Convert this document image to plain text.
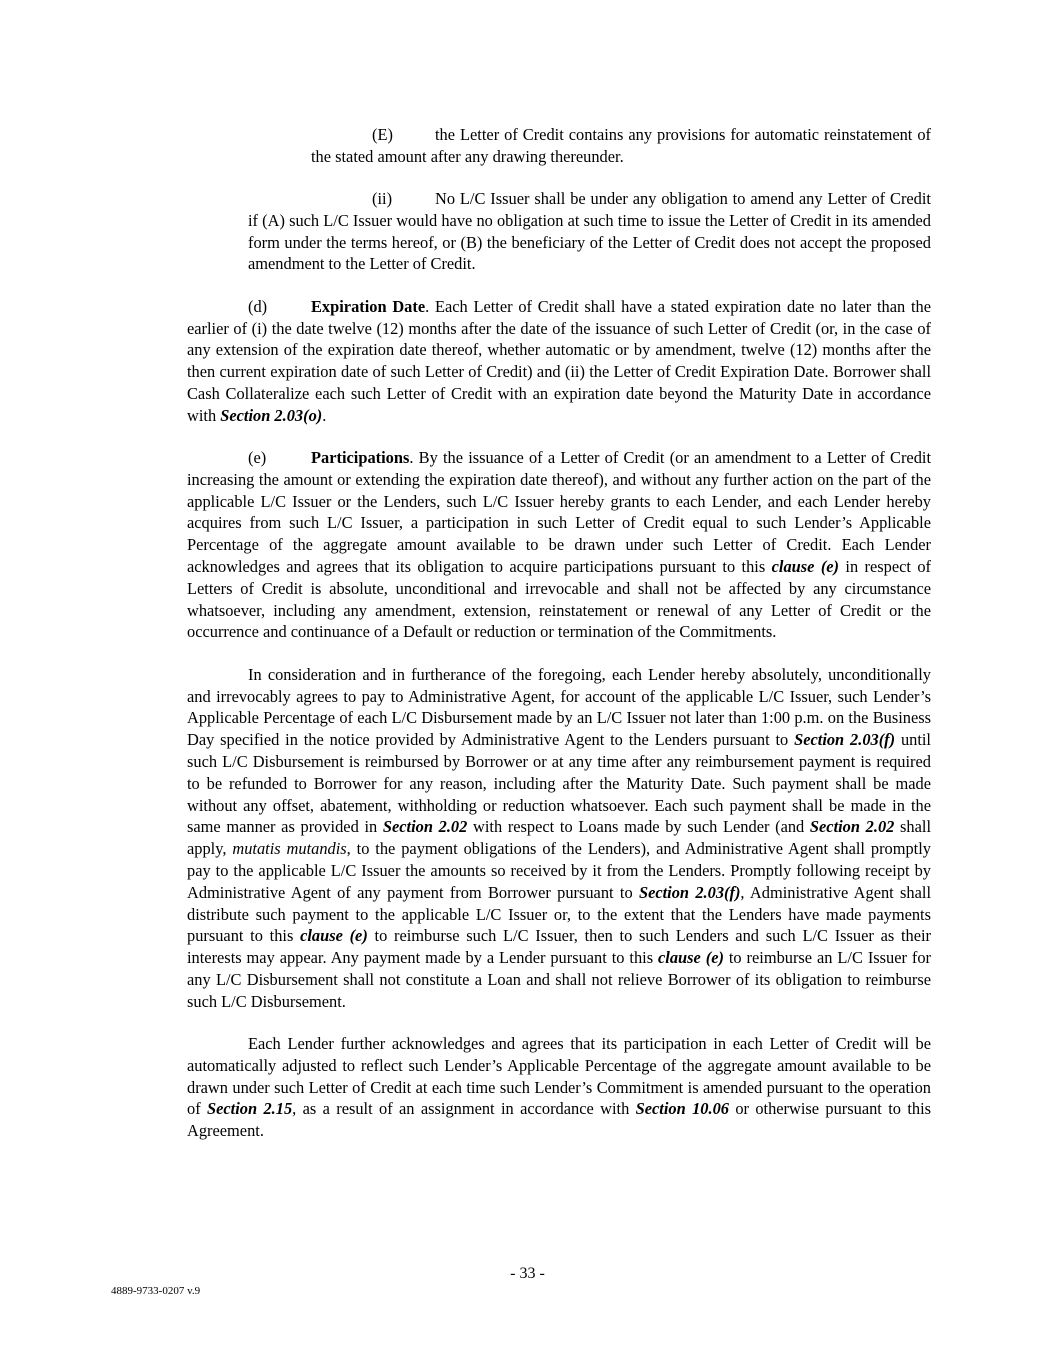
(E)	the Letter of Credit contains any provisions for automatic reinstatement of the stated amount after any drawing thereunder.

(ii)	No L/C Issuer shall be under any obligation to amend any Letter of Credit if (A) such L/C Issuer would have no obligation at such time to issue the Letter of Credit in its amended form under the terms hereof, or (B) the beneficiary of the Letter of Credit does not accept the proposed amendment to the Letter of Credit.

(d)	Expiration Date. Each Letter of Credit shall have a stated expiration date no later than the earlier of (i) the date twelve (12) months after the date of the issuance of such Letter of Credit (or, in the case of any extension of the expiration date thereof, whether automatic or by amendment, twelve (12) months after the then current expiration date of such Letter of Credit) and (ii) the Letter of Credit Expiration Date. Borrower shall Cash Collateralize each such Letter of Credit with an expiration date beyond the Maturity Date in accordance with Section 2.03(o).

(e)	Participations. By the issuance of a Letter of Credit (or an amendment to a Letter of Credit increasing the amount or extending the expiration date thereof), and without any further action on the part of the applicable L/C Issuer or the Lenders, such L/C Issuer hereby grants to each Lender, and each Lender hereby acquires from such L/C Issuer, a participation in such Letter of Credit equal to such Lender’s Applicable Percentage of the aggregate amount available to be drawn under such Letter of Credit. Each Lender acknowledges and agrees that its obligation to acquire participations pursuant to this clause (e) in respect of Letters of Credit is absolute, unconditional and irrevocable and shall not be affected by any circumstance whatsoever, including any amendment, extension, reinstatement or renewal of any Letter of Credit or the occurrence and continuance of a Default or reduction or termination of the Commitments.

In consideration and in furtherance of the foregoing, each Lender hereby absolutely, unconditionally and irrevocably agrees to pay to Administrative Agent, for account of the applicable L/C Issuer, such Lender’s Applicable Percentage of each L/C Disbursement made by an L/C Issuer not later than 1:00 p.m. on the Business Day specified in the notice provided by Administrative Agent to the Lenders pursuant to Section 2.03(f) until such L/C Disbursement is reimbursed by Borrower or at any time after any reimbursement payment is required to be refunded to Borrower for any reason, including after the Maturity Date. Such payment shall be made without any offset, abatement, withholding or reduction whatsoever. Each such payment shall be made in the same manner as provided in Section 2.02 with respect to Loans made by such Lender (and Section 2.02 shall apply, mutatis mutandis, to the payment obligations of the Lenders), and Administrative Agent shall promptly pay to the applicable L/C Issuer the amounts so received by it from the Lenders. Promptly following receipt by Administrative Agent of any payment from Borrower pursuant to Section 2.03(f), Administrative Agent shall distribute such payment to the applicable L/C Issuer or, to the extent that the Lenders have made payments pursuant to this clause (e) to reimburse such L/C Issuer, then to such Lenders and such L/C Issuer as their interests may appear. Any payment made by a Lender pursuant to this clause (e) to reimburse an L/C Issuer for any L/C Disbursement shall not constitute a Loan and shall not relieve Borrower of its obligation to reimburse such L/C Disbursement.

Each Lender further acknowledges and agrees that its participation in each Letter of Credit will be automatically adjusted to reflect such Lender’s Applicable Percentage of the aggregate amount available to be drawn under such Letter of Credit at each time such Lender’s Commitment is amended pursuant to the operation of Section 2.15, as a result of an assignment in accordance with Section 10.06 or otherwise pursuant to this Agreement.

- 33 -
4889-9733-0207 v.9
